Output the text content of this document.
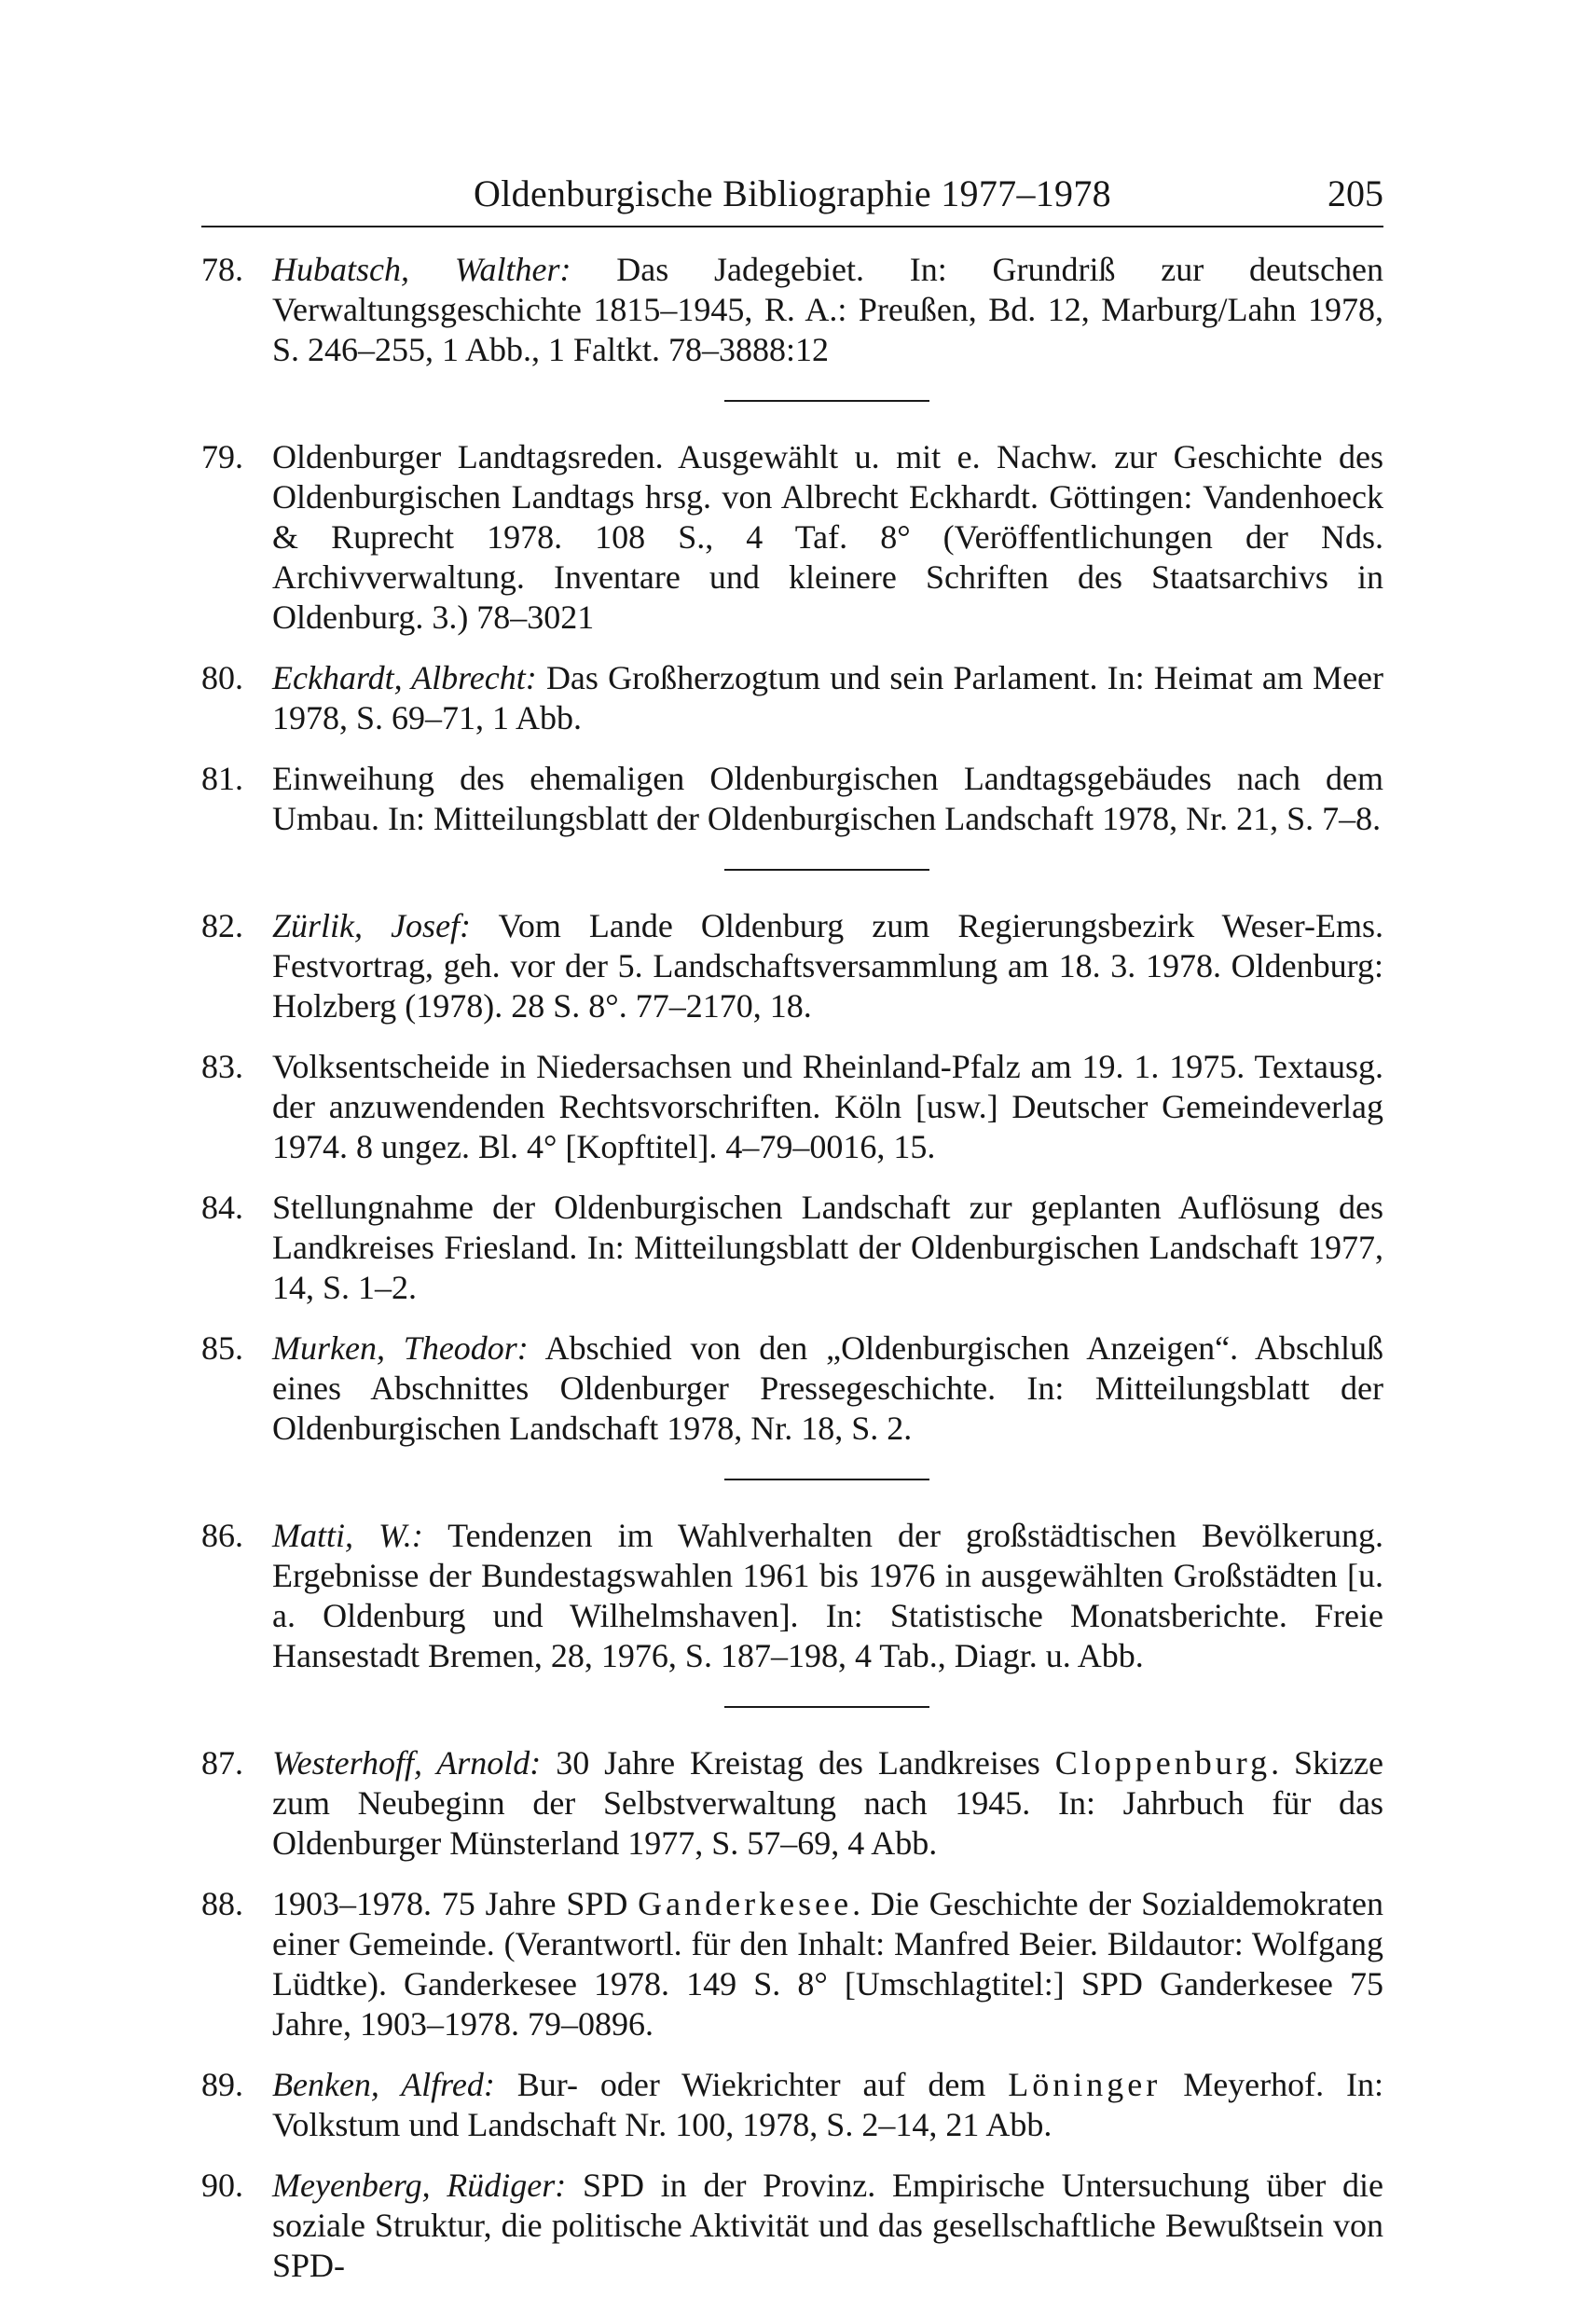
Oldenburgische Bibliographie 1977–1978	205

78. Hubatsch, Walther: Das Jadegebiet. In: Grundriß zur deutschen Verwaltungsgeschichte 1815–1945, R. A.: Preußen, Bd. 12, Marburg/Lahn 1978, S. 246–255, 1 Abb., 1 Faltkt. 78–3888:12

79. Oldenburger Landtagsreden. Ausgewählt u. mit e. Nachw. zur Geschichte des Oldenburgischen Landtags hrsg. von Albrecht Eckhardt. Göttingen: Vandenhoeck & Ruprecht 1978. 108 S., 4 Taf. 8° (Veröffentlichungen der Nds. Archivverwaltung. Inventare und kleinere Schriften des Staatsarchivs in Oldenburg. 3.) 78–3021

80. Eckhardt, Albrecht: Das Großherzogtum und sein Parlament. In: Heimat am Meer 1978, S. 69–71, 1 Abb.

81. Einweihung des ehemaligen Oldenburgischen Landtagsgebäudes nach dem Umbau. In: Mitteilungsblatt der Oldenburgischen Landschaft 1978, Nr. 21, S. 7–8.

82. Zürlik, Josef: Vom Lande Oldenburg zum Regierungsbezirk Weser-Ems. Festvortrag, geh. vor der 5. Landschaftsversammlung am 18. 3. 1978. Oldenburg: Holzberg (1978). 28 S. 8°. 77–2170, 18.

83. Volksentscheide in Niedersachsen und Rheinland-Pfalz am 19. 1. 1975. Textausg. der anzuwendenden Rechtsvorschriften. Köln [usw.] Deutscher Gemeindeverlag 1974. 8 ungez. Bl. 4° [Kopftitel]. 4–79–0016, 15.

84. Stellungnahme der Oldenburgischen Landschaft zur geplanten Auflösung des Landkreises Friesland. In: Mitteilungsblatt der Oldenburgischen Landschaft 1977, 14, S. 1–2.

85. Murken, Theodor: Abschied von den „Oldenburgischen Anzeigen“. Abschluß eines Abschnittes Oldenburger Pressegeschichte. In: Mitteilungsblatt der Oldenburgischen Landschaft 1978, Nr. 18, S. 2.

86. Matti, W.: Tendenzen im Wahlverhalten der großstädtischen Bevölkerung. Ergebnisse der Bundestagswahlen 1961 bis 1976 in ausgewählten Großstädten [u. a. Oldenburg und Wilhelmshaven]. In: Statistische Monatsberichte. Freie Hansestadt Bremen, 28, 1976, S. 187–198, 4 Tab., Diagr. u. Abb.

87. Westerhoff, Arnold: 30 Jahre Kreistag des Landkreises Cloppenburg. Skizze zum Neubeginn der Selbstverwaltung nach 1945. In: Jahrbuch für das Oldenburger Münsterland 1977, S. 57–69, 4 Abb.

88. 1903–1978. 75 Jahre SPD Ganderkesee. Die Geschichte der Sozialdemokraten einer Gemeinde. (Verantwortl. für den Inhalt: Manfred Beier. Bildautor: Wolfgang Lüdtke). Ganderkesee 1978. 149 S. 8° [Umschlagtitel:] SPD Ganderkesee 75 Jahre, 1903–1978. 79–0896.

89. Benken, Alfred: Bur- oder Wiekrichter auf dem Löninger Meyerhof. In: Volkstum und Landschaft Nr. 100, 1978, S. 2–14, 21 Abb.

90. Meyenberg, Rüdiger: SPD in der Provinz. Empirische Untersuchung über die soziale Struktur, die politische Aktivität und das gesellschaftliche Bewußtsein von SPD-
